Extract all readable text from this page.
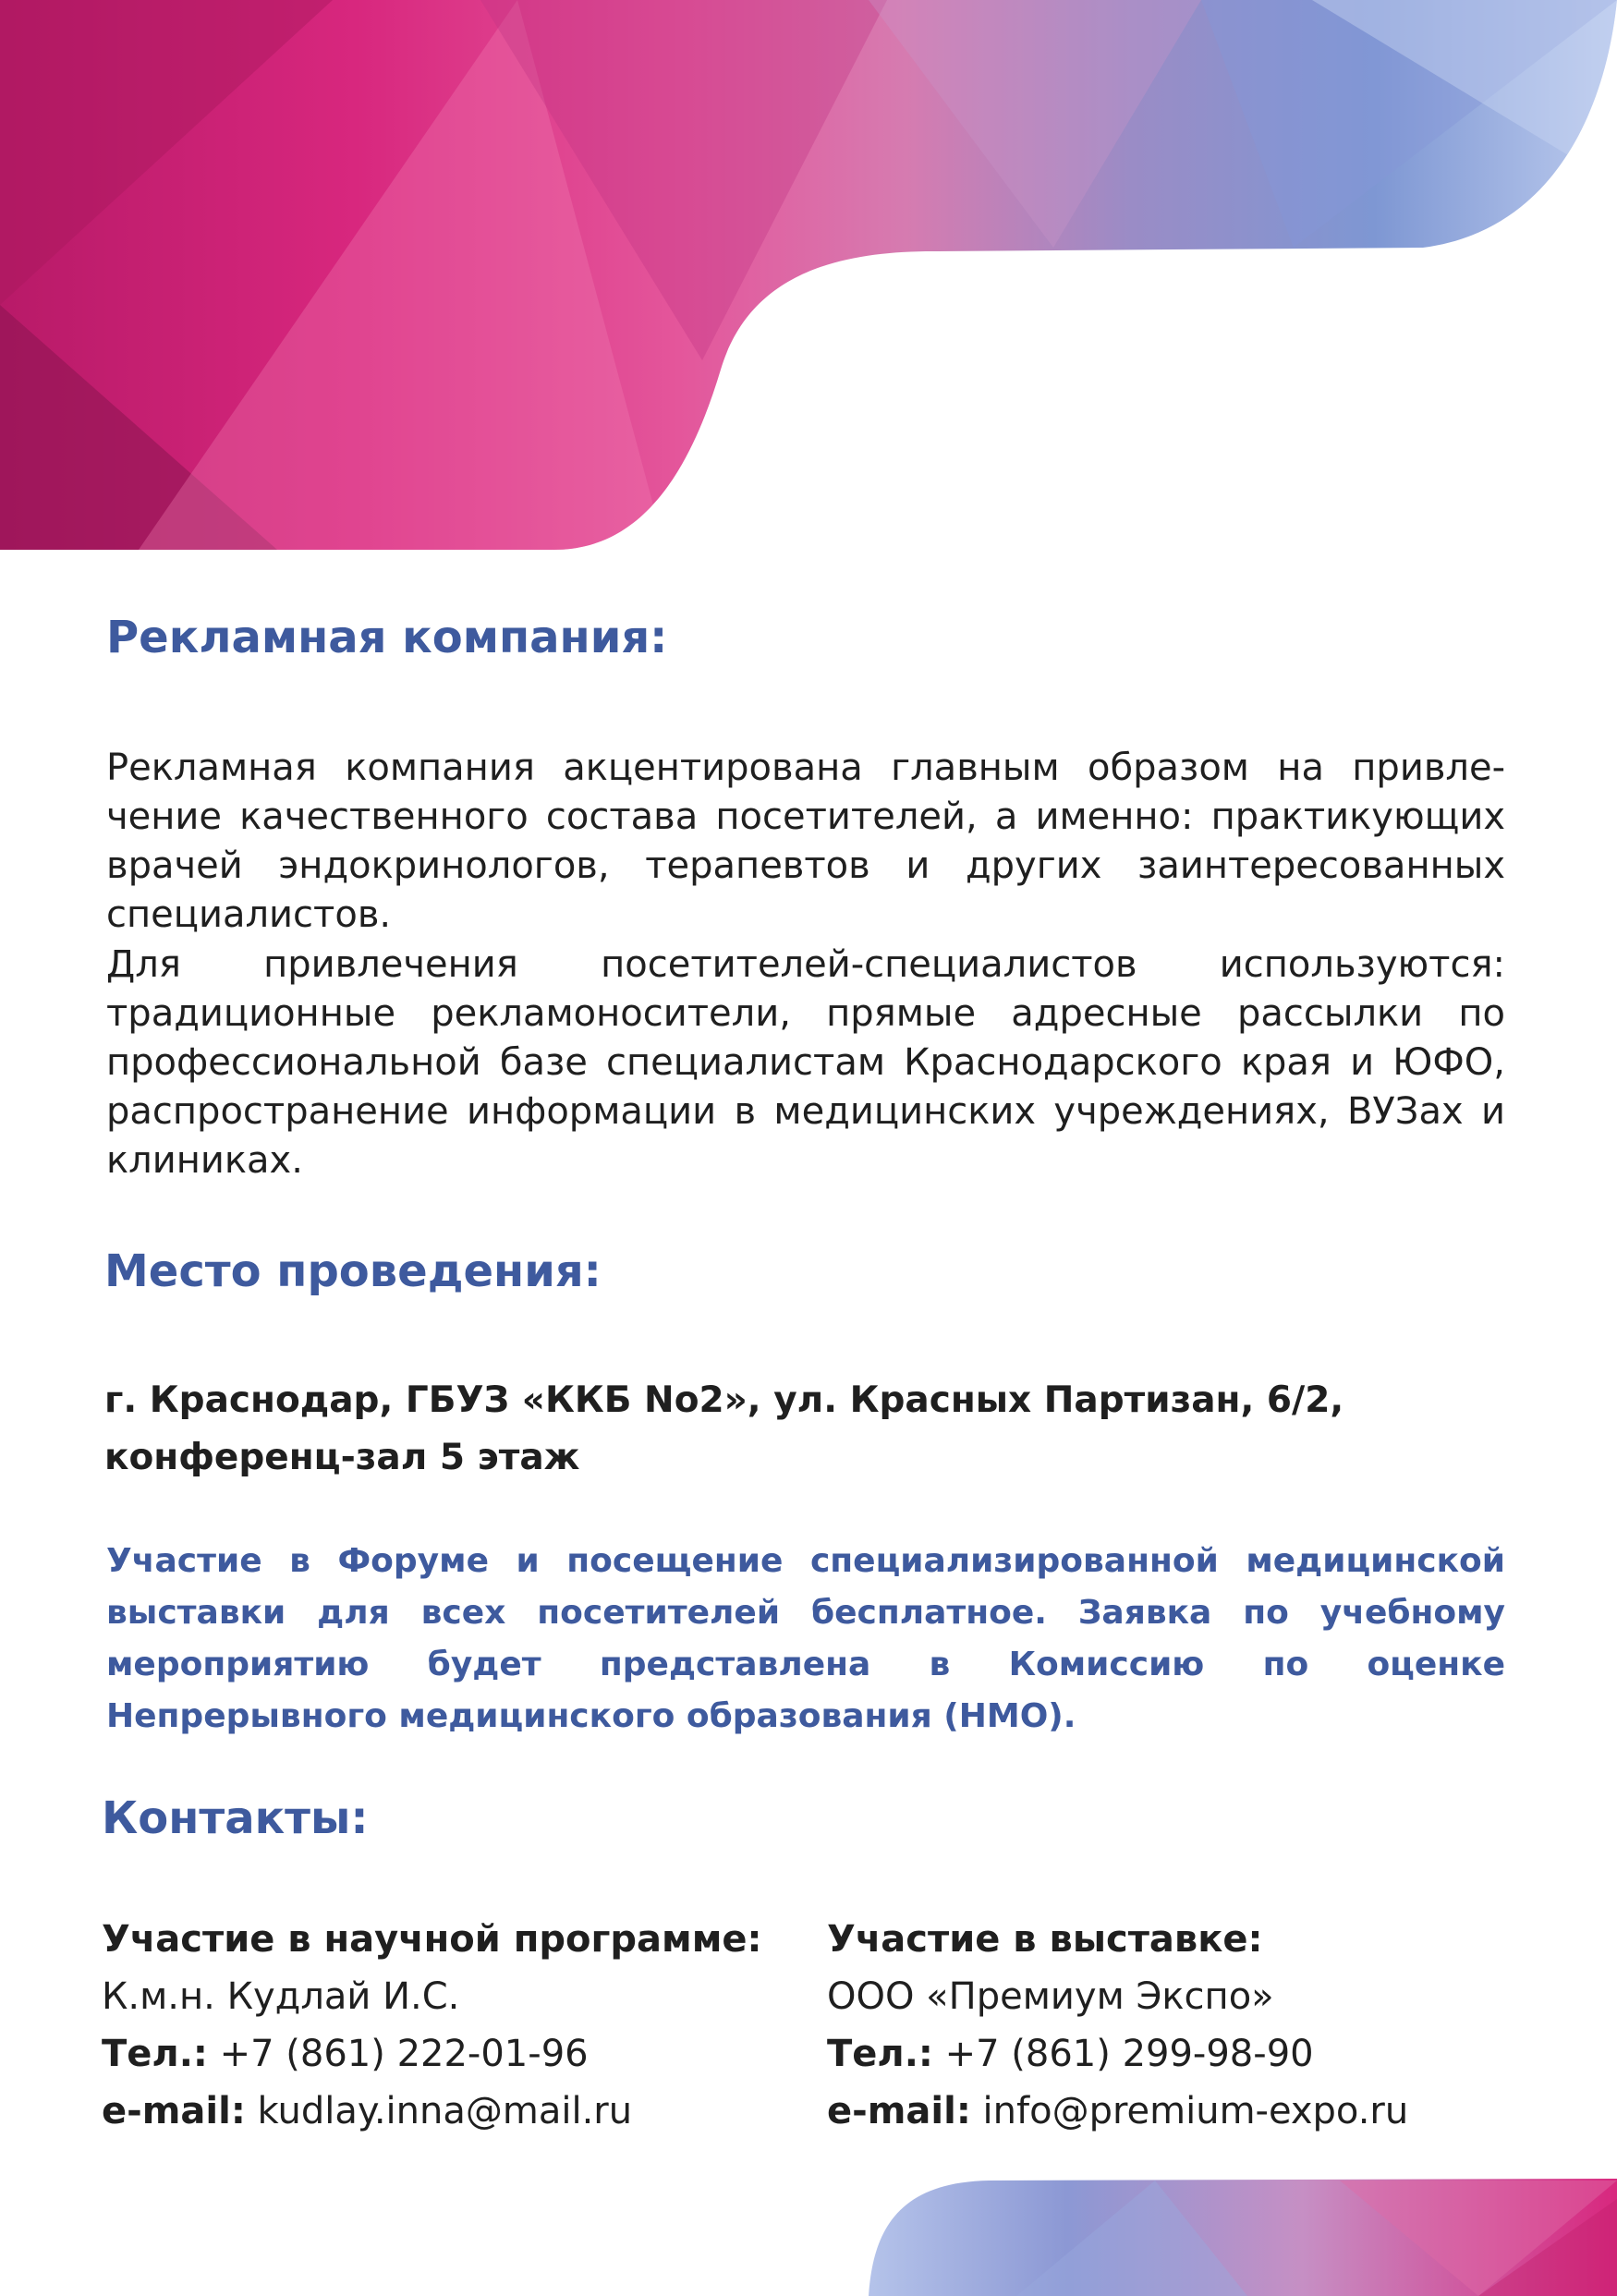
Рекламная компания:

Рекламная компания акцентирована главным образом на привлечение качественного состава посетителей, а именно: практикующих врачей эндокринологов, терапевтов и других заинтересованных специалистов.

Для привлечения посетителей-специалистов используются: традиционные рекламоносители, прямые адресные рассылки по профессиональной базе специалистам Краснодарского края и ЮФО, распространение информации в медицинских учреждениях, ВУЗах и клиниках.

Место проведения:
г. Краснодар, ГБУЗ «ККБ No2», ул. Красных Партизан, 6/2,
конференц-зал 5 этаж

Участие в Форуме и посещение специализированной медицинской выставки для всех посетителей бесплатное. Заявка по учебному мероприятию будет представлена в Комиссию по оценке Непрерывного медицинского образования (НМО).

Контакты:
Участие в научной программе:
К.м.н. Кудлай И.С.
Тел.: +7 (861) 222-01-96
e-mail: kudlay.inna@mail.ru
Участие в выставке:
ООО «Премиум Экспо»
Тел.: +7 (861) 299-98-90
e-mail: info@premium-expo.ru
